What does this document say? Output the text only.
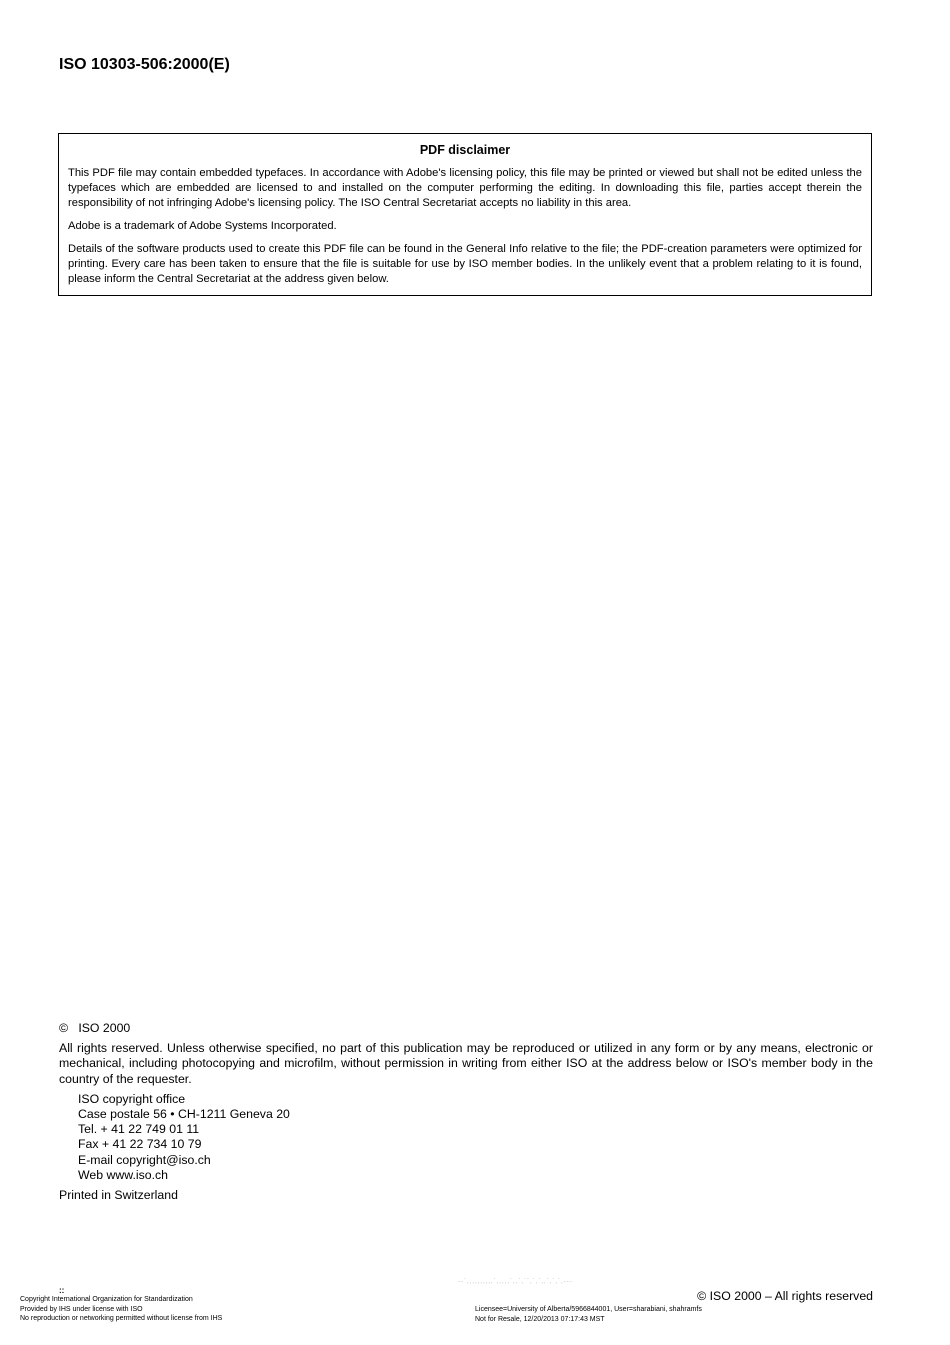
ISO 10303-506:2000(E)
PDF disclaimer

This PDF file may contain embedded typefaces. In accordance with Adobe's licensing policy, this file may be printed or viewed but shall not be edited unless the typefaces which are embedded are licensed to and installed on the computer performing the editing. In downloading this file, parties accept therein the responsibility of not infringing Adobe's licensing policy. The ISO Central Secretariat accepts no liability in this area.

Adobe is a trademark of Adobe Systems Incorporated.

Details of the software products used to create this PDF file can be found in the General Info relative to the file; the PDF-creation parameters were optimized for printing. Every care has been taken to ensure that the file is suitable for use by ISO member bodies. In the unlikely event that a problem relating to it is found, please inform the Central Secretariat at the address given below.

© ISO 2000

All rights reserved. Unless otherwise specified, no part of this publication may be reproduced or utilized in any form or by any means, electronic or mechanical, including photocopying and microfilm, without permission in writing from either ISO at the address below or ISO's member body in the country of the requester.

ISO copyright office
Case postale 56 • CH-1211 Geneva 20
Tel. + 41 22 749 01 11
Fax + 41 22 734 10 79
E-mail copyright@iso.ch
Web www.iso.ch

Printed in Switzerland

::
Copyright International Organization for Standardization
Provided by IHS under license with ISO
No reproduction or networking permitted without license from IHS
--`,,,,,,,,,,`,,,,,`,,`,``,`,`,,`,`,`,---
Licensee=University of Alberta/5966844001, User=sharabiani, shahramfs
Not for Resale, 12/20/2013 07:17:43 MST
© ISO 2000 – All rights reserved
